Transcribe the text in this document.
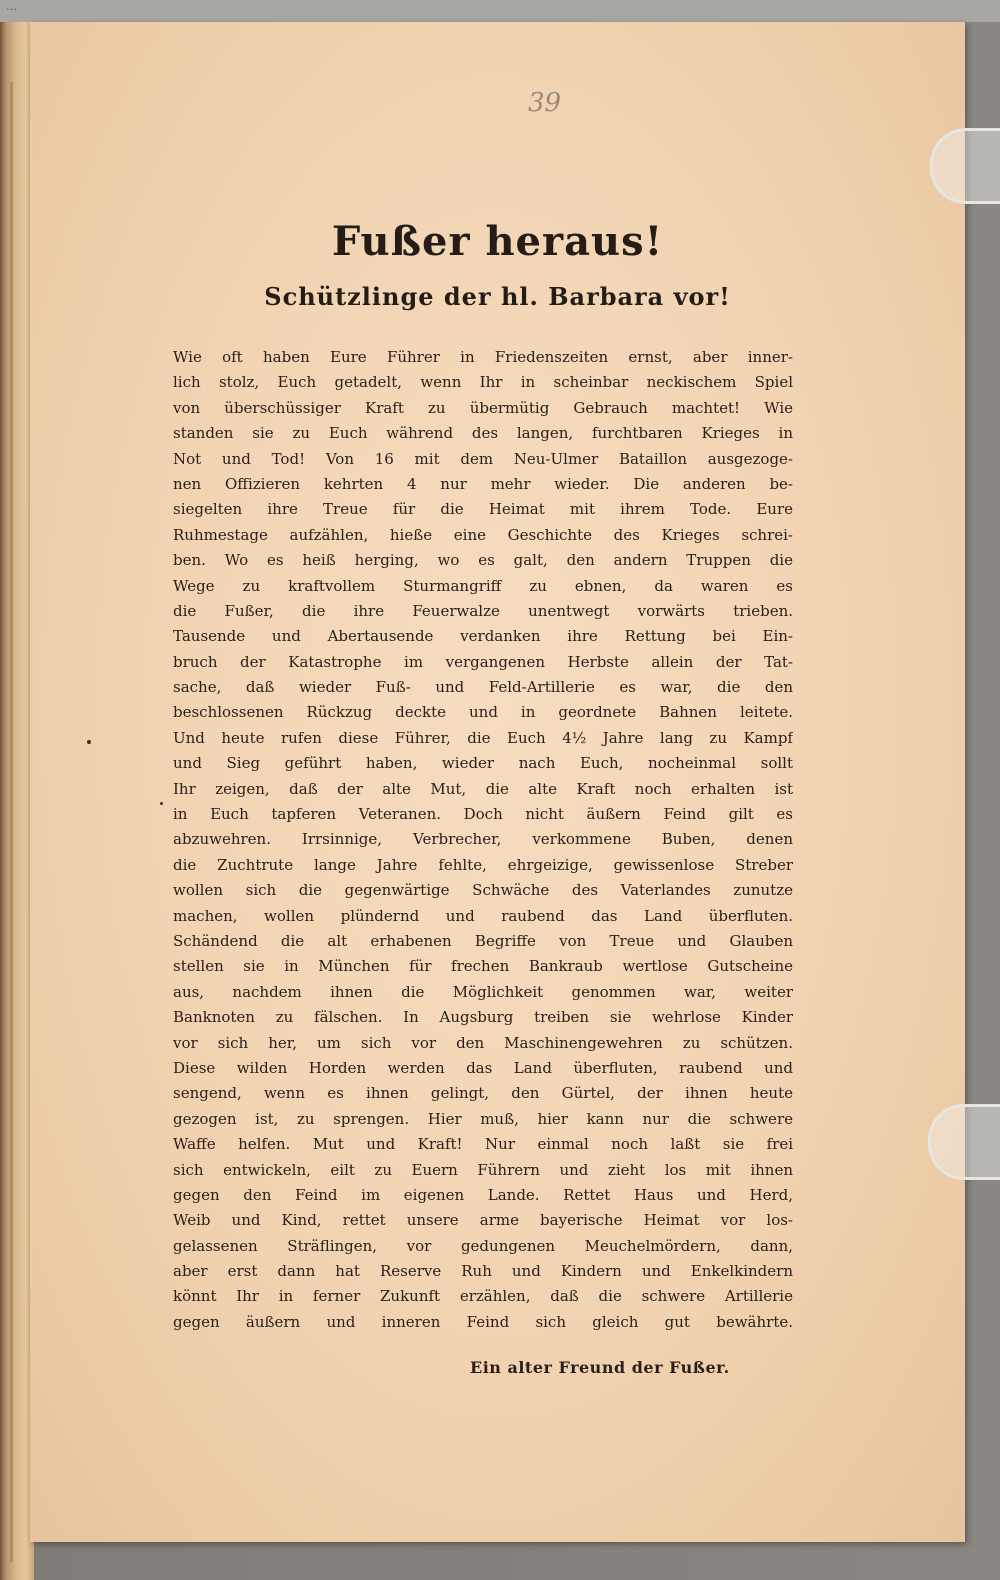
…
39
Fußer heraus!
Schützlinge der hl. Barbara vor!
Wie oft haben Eure Führer in Friedenszeiten ernst, aber inner-
lich stolz, Euch getadelt, wenn Ihr in scheinbar neckischem Spiel
von überschüssiger Kraft zu übermütig Gebrauch machtet! Wie
standen sie zu Euch während des langen, furchtbaren Krieges in
Not und Tod! Von 16 mit dem Neu-Ulmer Bataillon ausgezoge-
nen Offizieren kehrten 4 nur mehr wieder. Die anderen be-
siegelten ihre Treue für die Heimat mit ihrem Tode. Eure
Ruhmestage aufzählen, hieße eine Geschichte des Krieges schrei-
ben. Wo es heiß herging, wo es galt, den andern Truppen die
Wege zu kraftvollem Sturmangriff zu ebnen, da waren es
die Fußer, die ihre Feuerwalze unentwegt vorwärts trieben.
Tausende und Abertausende verdanken ihre Rettung bei Ein-
bruch der Katastrophe im vergangenen Herbste allein der Tat-
sache, daß wieder Fuß- und Feld-Artillerie es war, die den
beschlossenen Rückzug deckte und in geordnete Bahnen leitete.
Und heute rufen diese Führer, die Euch 4½ Jahre lang zu Kampf
und Sieg geführt haben, wieder nach Euch, nocheinmal sollt
Ihr zeigen, daß der alte Mut, die alte Kraft noch erhalten ist
in Euch tapferen Veteranen. Doch nicht äußern Feind gilt es
abzuwehren. Irrsinnige, Verbrecher, verkommene Buben, denen
die Zuchtrute lange Jahre fehlte, ehrgeizige, gewissenlose Streber
wollen sich die gegenwärtige Schwäche des Vaterlandes zunutze
machen, wollen plündernd und raubend das Land überfluten.
Schändend die alt erhabenen Begriffe von Treue und Glauben
stellen sie in München für frechen Bankraub wertlose Gutscheine
aus, nachdem ihnen die Möglichkeit genommen war, weiter
Banknoten zu fälschen. In Augsburg treiben sie wehrlose Kinder
vor sich her, um sich vor den Maschinengewehren zu schützen.
Diese wilden Horden werden das Land überfluten, raubend und
sengend, wenn es ihnen gelingt, den Gürtel, der ihnen heute
gezogen ist, zu sprengen. Hier muß, hier kann nur die schwere
Waffe helfen. Mut und Kraft! Nur einmal noch laßt sie frei
sich entwickeln, eilt zu Euern Führern und zieht los mit ihnen
gegen den Feind im eigenen Lande. Rettet Haus und Herd,
Weib und Kind, rettet unsere arme bayerische Heimat vor los-
gelassenen Sträflingen, vor gedungenen Meuchelmördern, dann,
aber erst dann hat Reserve Ruh und Kindern und Enkelkindern
könnt Ihr in ferner Zukunft erzählen, daß die schwere Artillerie
gegen äußern und inneren Feind sich gleich gut bewährte.
Ein alter Freund der Fußer.
